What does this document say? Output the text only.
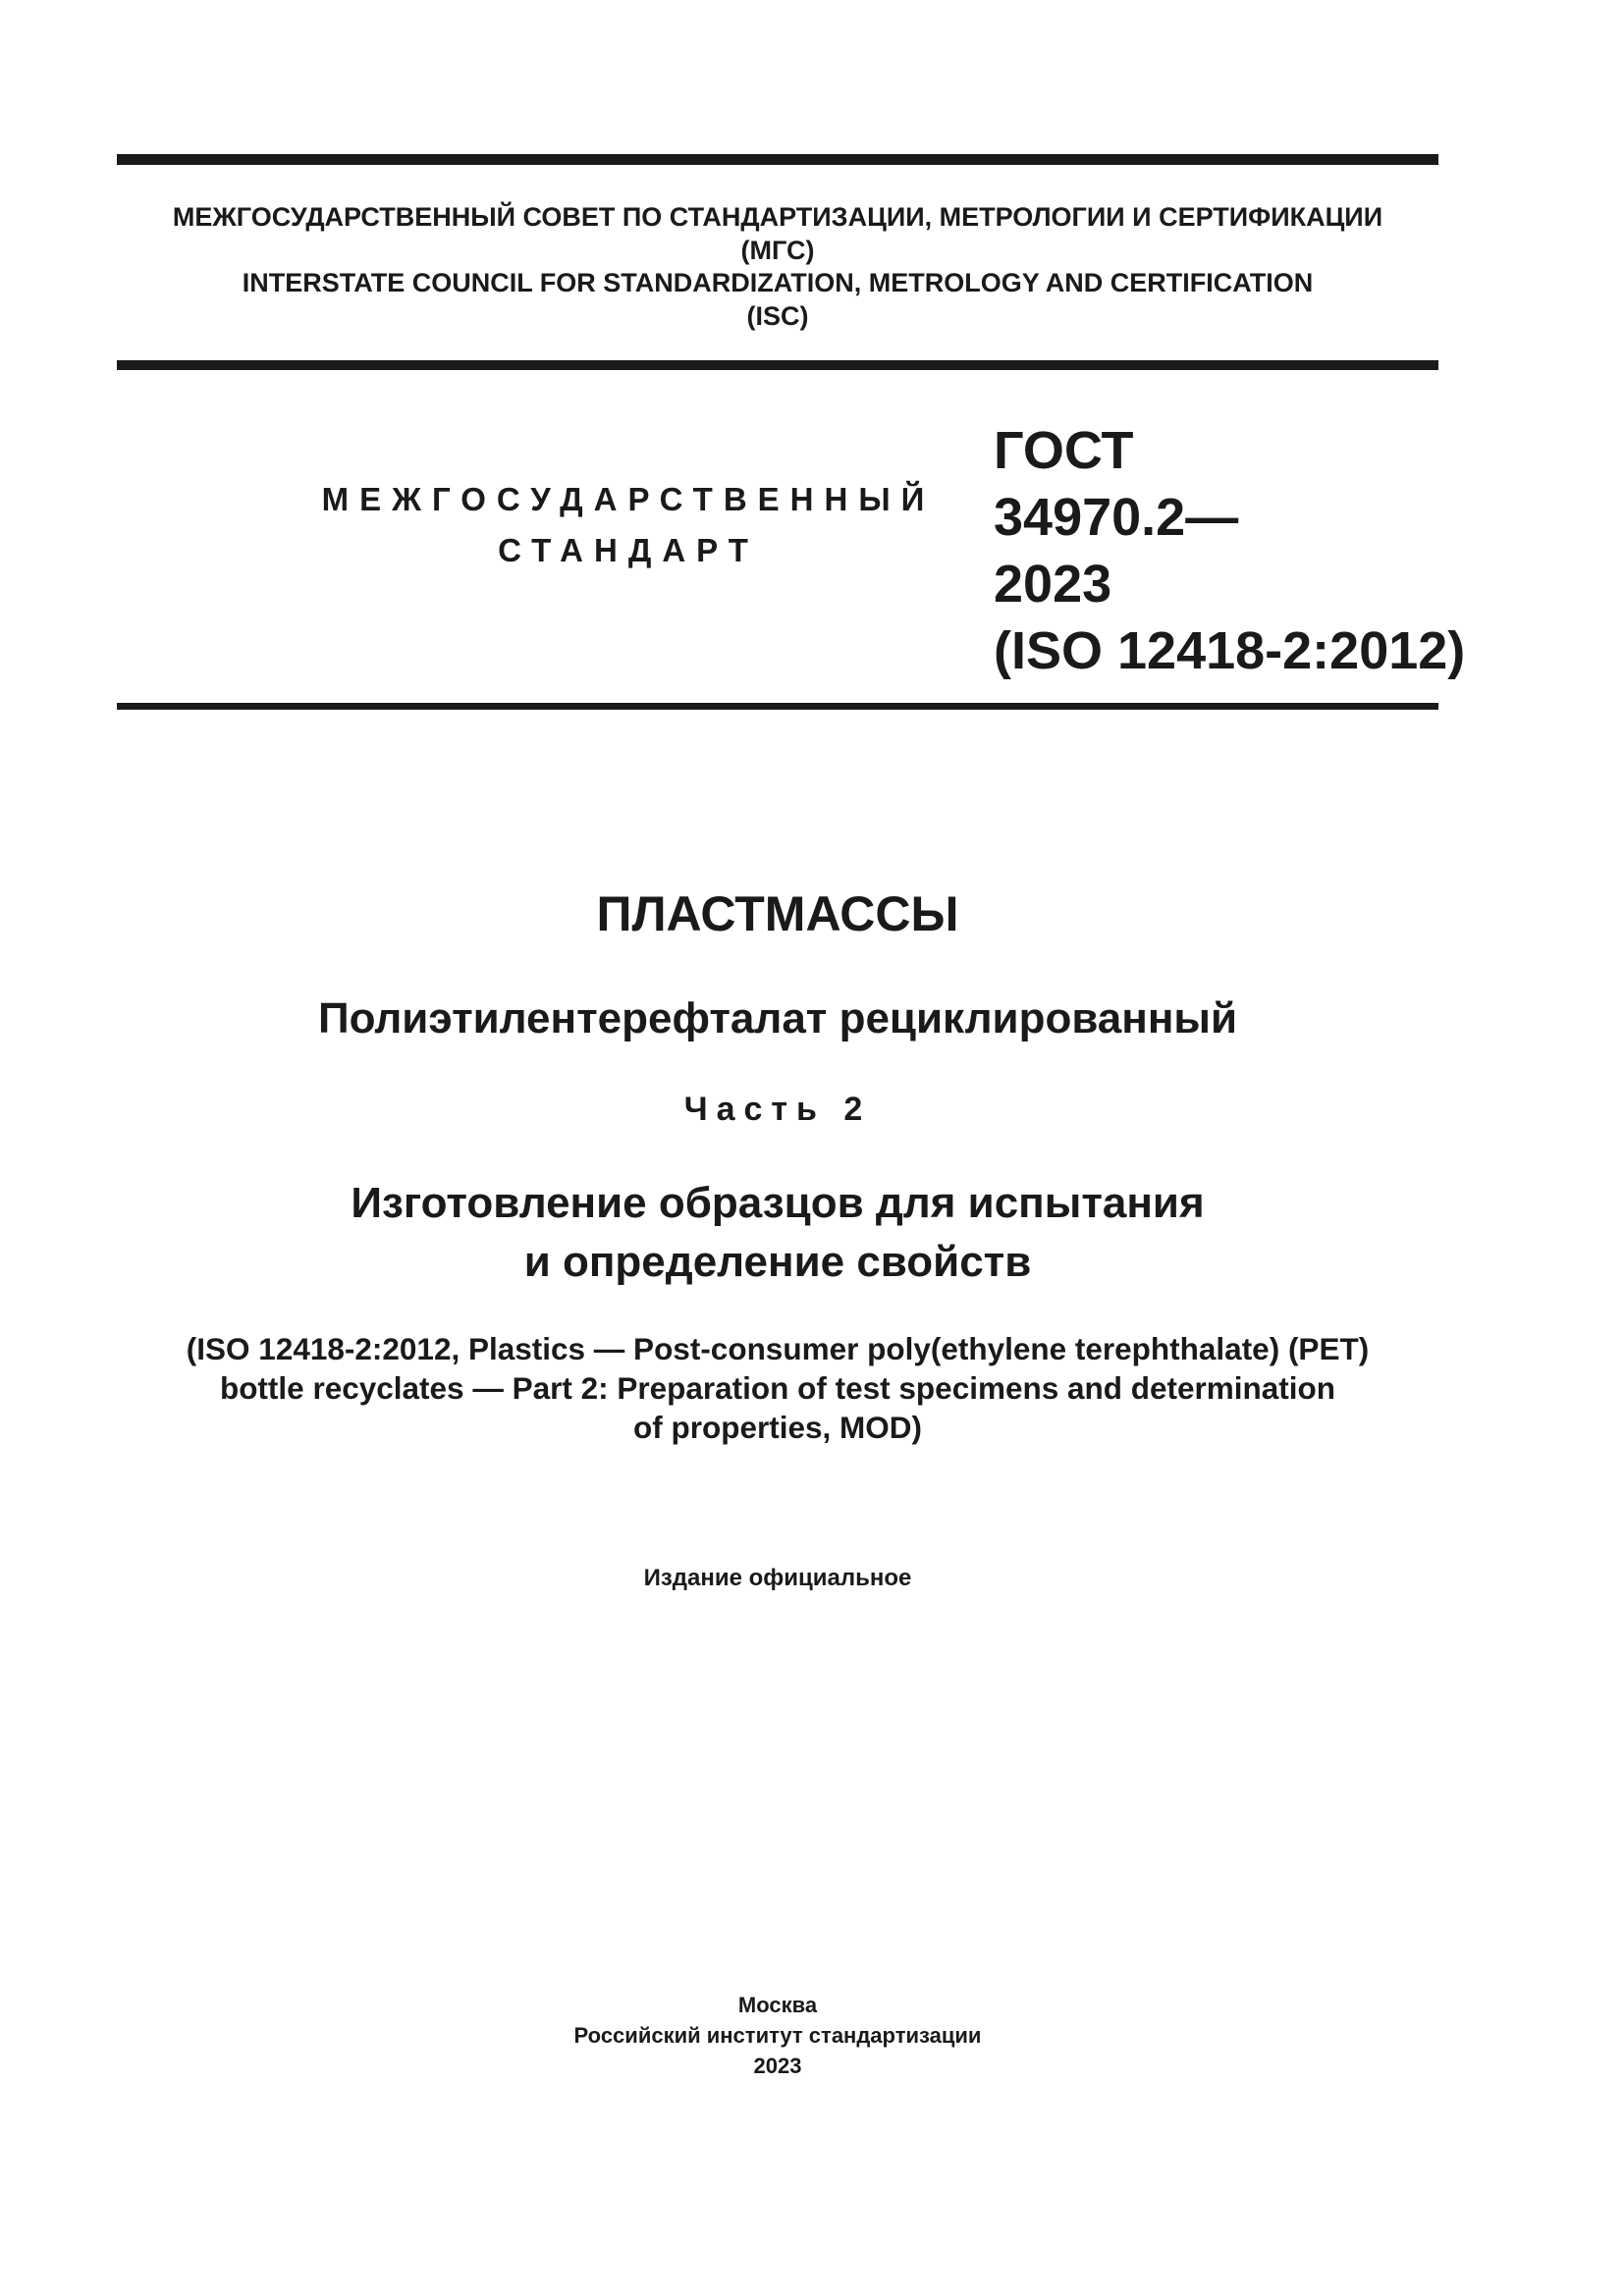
МЕЖГОСУДАРСТВЕННЫЙ СОВЕТ ПО СТАНДАРТИЗАЦИИ, МЕТРОЛОГИИ И СЕРТИФИКАЦИИ
(МГС)
INTERSTATE COUNCIL FOR STANDARDIZATION, METROLOGY AND CERTIFICATION
(ISC)
МЕЖГОСУДАРСТВЕННЫЙ
СТАНДАРТ
ГОСТ
34970.2—
2023
(ISO 12418-2:2012)
ПЛАСТМАССЫ
Полиэтилентерефталат рециклированный
Часть 2
Изготовление образцов для испытания
и определение свойств
(ISO 12418-2:2012, Plastics — Post-consumer poly(ethylene terephthalate) (PET)
bottle recyclates — Part 2: Preparation of test specimens and determination
of properties, MOD)
Издание официальное
Москва
Российский институт стандартизации
2023
